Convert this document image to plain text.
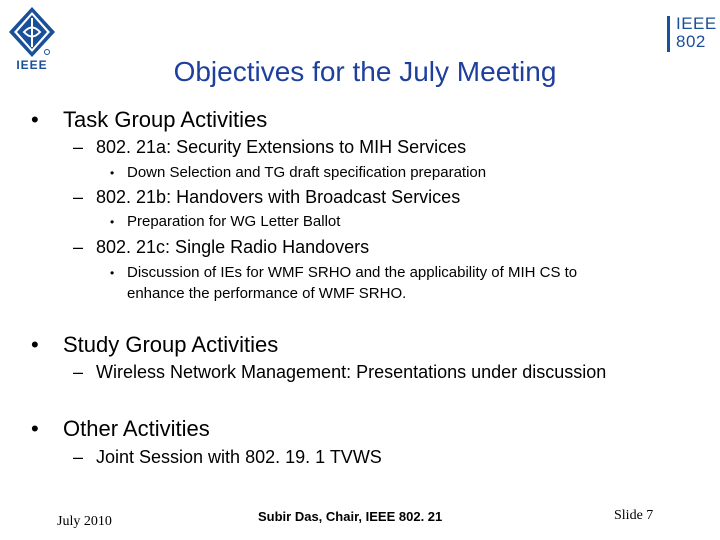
IEEE
IEEE
802
Objectives for the July Meeting
• Task Group Activities
– 802. 21a: Security Extensions to MIH Services
• Down Selection and TG draft specification preparation
– 802. 21b: Handovers with Broadcast Services
• Preparation for WG Letter Ballot
– 802. 21c: Single Radio Handovers
• Discussion of IEs for WMF SRHO and the applicability of MIH CS to
enhance the performance of WMF SRHO.
• Study Group Activities
– Wireless Network Management: Presentations under discussion
• Other Activities
– Joint Session with 802. 19. 1 TVWS
July 2010	Subir Das, Chair, IEEE 802. 21	Slide 7
